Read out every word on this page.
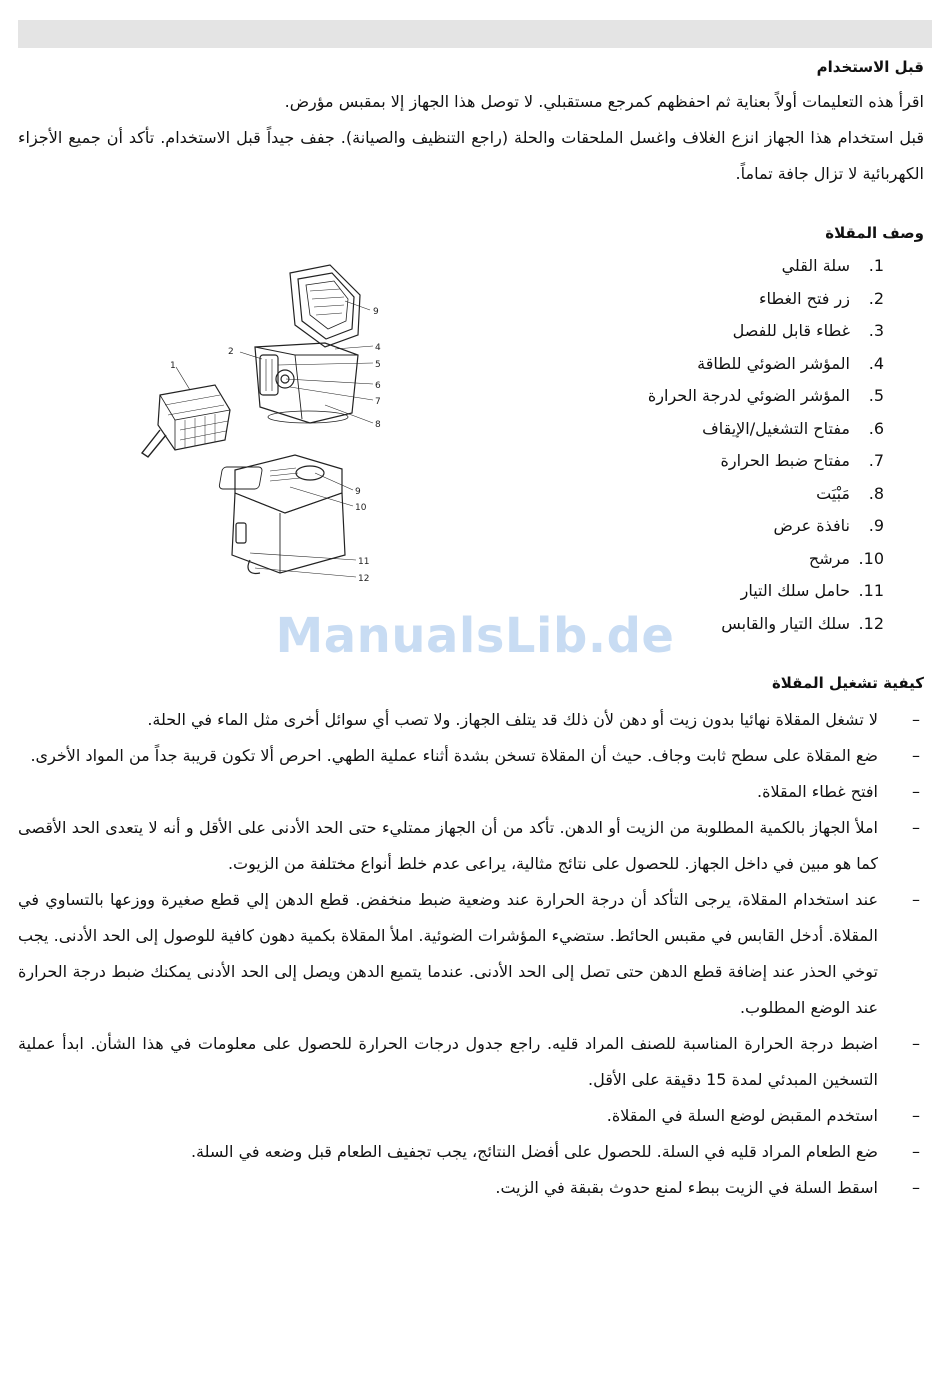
قبل الاستخدام

اقرأ هذه التعليمات أولاً بعناية ثم احفظهم كمرجع مستقبلي. لا توصل هذا الجهاز إلا بمقبس مؤرض.

قبل استخدام هذا الجهاز انزع الغلاف واغسل الملحقات والحلة (راجع التنظيف والصيانة). جفف جيداً قبل الاستخدام. تأكد أن جميع الأجزاء الكهربائية لا تزال جافة تماماً.

وصف المقلاة
1.سلة القلي
2.زر فتح الغطاء
3.غطاء قابل للفصل
4.المؤشر الضوئي للطاقة
5.المؤشر الضوئي لدرجة الحرارة
6.مفتاح التشغيل/الإيقاف
7.مفتاح ضبط الحرارة
8.مَبْيَت
9.نافذة عرض
10.مرشح
11.حامل سلك التيار
12.سلك التيار والقابس
كيفية تشغيل المقلاة
–
لا تشغل المقلاة نهائيا بدون زيت أو دهن لأن ذلك قد يتلف الجهاز. ولا تصب أي سوائل أخرى مثل الماء في الحلة.
–
ضع المقلاة على سطح ثابت وجاف. حيث أن المقلاة تسخن بشدة أثناء عملية الطهي. احرص ألا تكون قريبة جداً من المواد الأخرى.
–
افتح غطاء المقلاة.
–
املأ الجهاز بالكمية المطلوبة من الزيت أو الدهن. تأكد من أن الجهاز ممتليء حتى الحد الأدنى على الأقل و أنه لا يتعدى الحد الأقصى كما هو مبين في داخل الجهاز. للحصول على نتائج مثالية، يراعى عدم خلط أنواع مختلفة من الزيوت.
–
عند استخدام المقلاة، يرجى التأكد أن درجة الحرارة عند وضعية ضبط منخفض. قطع الدهن إلي قطع صغيرة ووزعها بالتساوي في المقلاة. أدخل القابس في مقبس الحائط. ستضيء المؤشرات الضوئية. املأ المقلاة بكمية دهون كافية للوصول إلى الحد الأدنى. يجب توخي الحذر عند إضافة قطع الدهن حتى تصل إلى الحد الأدنى. عندما يتميع الدهن ويصل إلى الحد الأدنى يمكنك ضبط درجة الحرارة عند الوضع المطلوب.
–
اضبط درجة الحرارة المناسبة للصنف المراد قليه. راجع جدول درجات الحرارة للحصول على معلومات في هذا الشأن. ابدأ عملية التسخين المبدئي لمدة 15 دقيقة على الأقل.
–
استخدم المقبض لوضع السلة في المقلاة.
–
ضع الطعام المراد قليه في السلة. للحصول على أفضل النتائج، يجب تجفيف الطعام قبل وضعه في السلة.
–
اسقط السلة في الزيت ببطء لمنع حدوث بقبقة في الزيت.
1
2
9
4
5
6
7
8
9
10
11
12
ManualsLib.de
